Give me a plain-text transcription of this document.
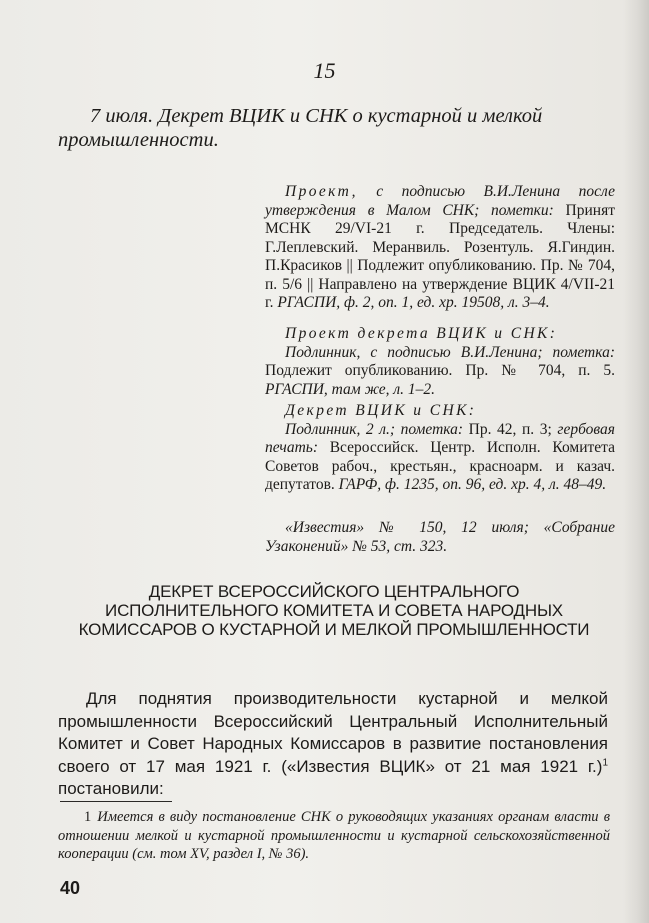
15
7 июля. Декрет ВЦИК и СНК о кустарной и мелкой промышленности.

Проект, с подписью В.И.Ленина после утверждения в Малом СНК; пометки: Принят МСНК 29/VI-21 г. Председатель. Члены: Г.Леплевский. Меранвиль. Розентуль. Я.Гиндин. П.Красиков || Подлежит опубликованию. Пр. № 704, п. 5/6 || Направлено на утверждение ВЦИК 4/VII-21 г. РГАСПИ, ф. 2, оп. 1, ед. хр. 19508, л. 3–4.

Проект декрета ВЦИК и СНК:

Подлинник, с подписью В.И.Ленина; пометка: Подлежит опубликованию. Пр. № 704, п. 5. РГАСПИ, там же, л. 1–2.

Декрет ВЦИК и СНК:

Подлинник, 2 л.; пометка: Пр. 42, п. 3; гербовая печать: Всероссийск. Центр. Исполн. Комитета Советов рабоч., крестьян., красноарм. и казач. депутатов. ГАРФ, ф. 1235, оп. 96, ед. хр. 4, л. 48–49.

«Известия» № 150, 12 июля; «Собрание Узаконений» № 53, ст. 323.

ДЕКРЕТ ВСЕРОССИЙСКОГО ЦЕНТРАЛЬНОГО ИСПОЛНИТЕЛЬНОГО КОМИТЕТА И СОВЕТА НАРОДНЫХ КОМИССАРОВ О КУСТАРНОЙ И МЕЛКОЙ ПРОМЫШЛЕННОСТИ

Для поднятия производительности кустарной и мелкой промышленности Всероссийский Центральный Исполнительный Комитет и Совет Народных Комиссаров в развитие постановления своего от 17 мая 1921 г. («Известия ВЦИК» от 21 мая 1921 г.)$^1$ постановили:

1 Имеется в виду постановление СНК о руководящих указаниях органам власти в отношении мелкой и кустарной промышленности и кустарной сельскохозяйственной кооперации (см. том XV, раздел I, № 36).

40
